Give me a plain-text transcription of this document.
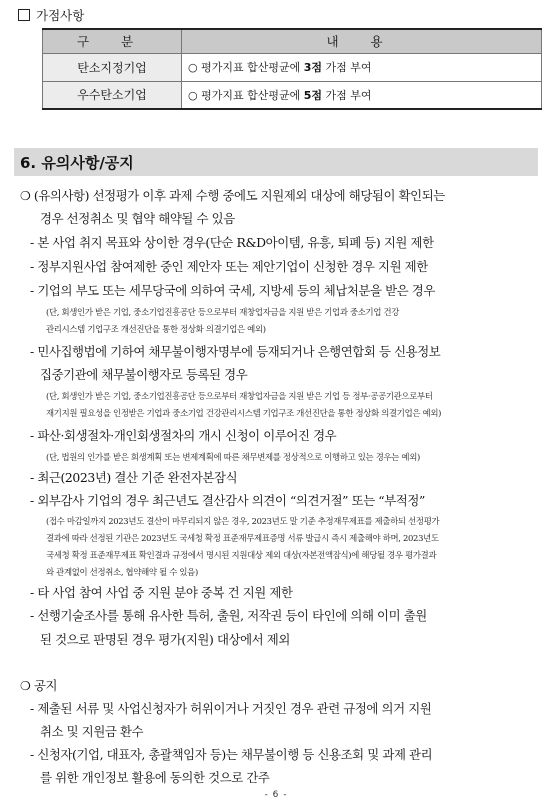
가점사항
구 분	내 용
탄소지정기업	○ 평가지표 합산평균에 3점 가점 부여
우수탄소기업	○ 평가지표 합산평균에 5점 가점 부여
6. 유의사항/공지
❍ (유의사항) 선정평가 이후 과제 수행 중에도 지원제외 대상에 해당됨이 확인되는
경우 선정취소 및 협약 해약될 수 있음
- 본 사업 취지 목표와 상이한 경우(단순 R&D아이템, 유흥, 퇴폐 등) 지원 제한
- 정부지원사업 참여제한 중인 제안자 또는 제안기업이 신청한 경우 지원 제한
- 기업의 부도 또는 세무당국에 의하여 국세, 지방세 등의 체납처분을 받은 경우
(단, 회생인가 받은 기업, 중소기업진흥공단 등으로부터 재창업자금을 지원 받은 기업과 중소기업 건강
관리시스템 기업구조 개선진단을 통한 정상화 의결기업은 예외)
- 민사집행법에 기하여 채무불이행자명부에 등재되거나 은행연합회 등 신용정보
집중기관에 채무불이행자로 등록된 경우
(단, 회생인가 받은 기업, 중소기업진흥공단 등으로부터 재창업자금을 지원 받은 기업 등 정부·공공기관으로부터
재기지원 필요성을 인정받은 기업과 중소기업 건강관리시스템 기업구조 개선진단을 통한 정상화 의결기업은 예외)
- 파산·회생절차·개인회생절차의 개시 신청이 이루어진 경우
(단, 법원의 인가를 받은 회생계획 또는 변제계획에 따른 채무변제를 정상적으로 이행하고 있는 경우는 예외)
- 최근(2023년) 결산 기준 완전자본잠식
- 외부감사 기업의 경우 최근년도 결산감사 의견이 “의견거절” 또는 “부적정”
(접수 마감일까지 2023년도 결산이 마무리되지 않은 경우, 2023년도 말 기준 추정재무제표를 제출하되 선정평가
결과에 따라 선정된 기관은 2023년도 국세청 확정 표준재무제표증명 서류 발급시 즉시 제출해야 하며, 2023년도
국세청 확정 표준재무제표 확인결과 규정에서 명시된 지원대상 제외 대상(자본전액잠식)에 해당될 경우 평가결과
와 관계없이 선정취소, 협약해약 될 수 있음)
- 타 사업 참여 사업 중 지원 분야 중복 건 지원 제한
- 선행기술조사를 통해 유사한 특허, 출원, 저작권 등이 타인에 의해 이미 출원
된 것으로 판명된 경우 평가(지원) 대상에서 제외
❍ 공지
- 제출된 서류 및 사업신청자가 허위이거나 거짓인 경우 관련 규정에 의거 지원
취소 및 지원금 환수
- 신청자(기업, 대표자, 총괄책임자 등)는 채무불이행 등 신용조회 및 과제 관리
를 위한 개인정보 활용에 동의한 것으로 간주
- 6 -
